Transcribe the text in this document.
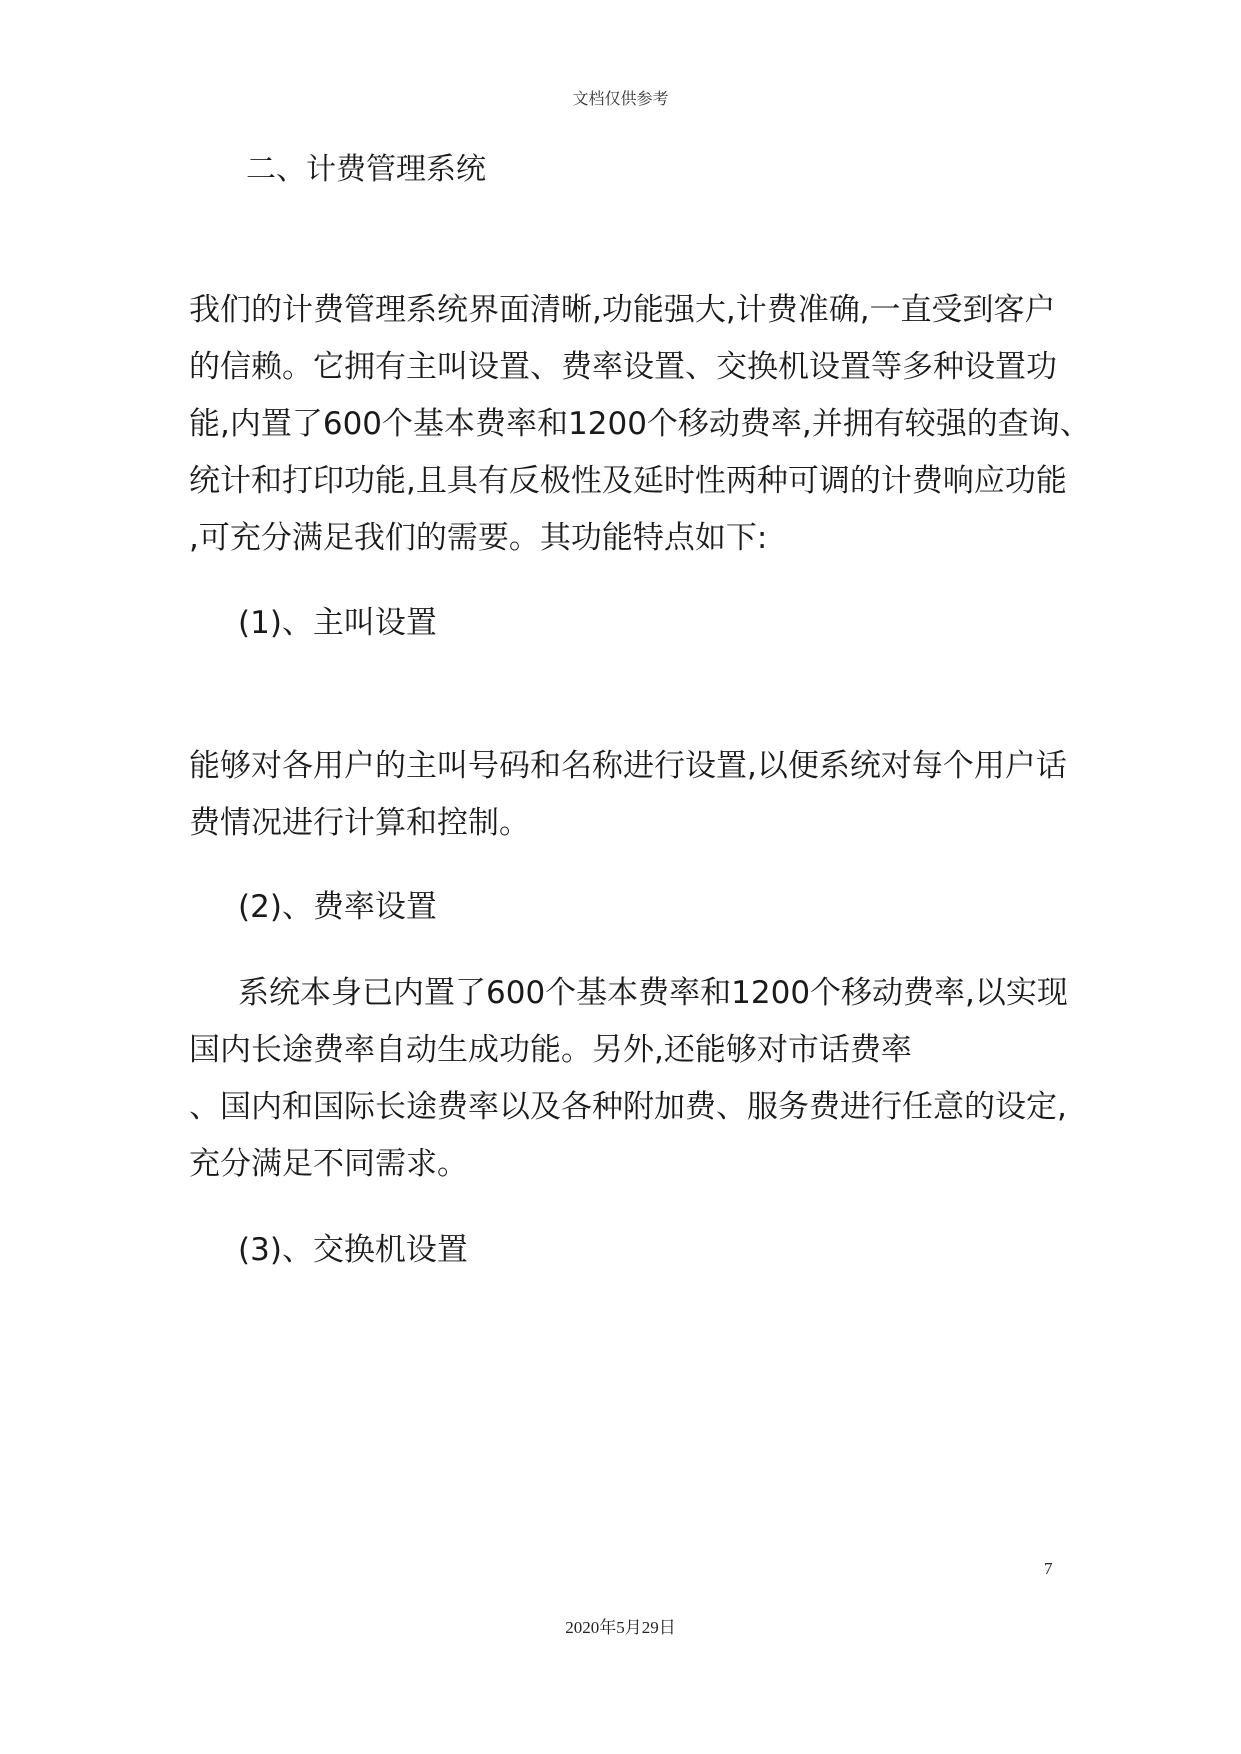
文档仅供参考
二、计费管理系统
我们的计费管理系统界面清晰,功能强大,计费准确,一直受到客户
的信赖。它拥有主叫设置、费率设置、交换机设置等多种设置功
能,内置了600个基本费率和1200个移动费率,并拥有较强的查询、
统计和打印功能,且具有反极性及延时性两种可调的计费响应功能
,可充分满足我们的需要。其功能特点如下:
(1)、主叫设置
能够对各用户的主叫号码和名称进行设置,以便系统对每个用户话
费情况进行计算和控制。
(2)、费率设置
系统本身已内置了600个基本费率和1200个移动费率,以实现
国内长途费率自动生成功能。另外,还能够对市话费率
、国内和国际长途费率以及各种附加费、服务费进行任意的设定,
充分满足不同需求。
(3)、交换机设置
7
2020年5月29日
